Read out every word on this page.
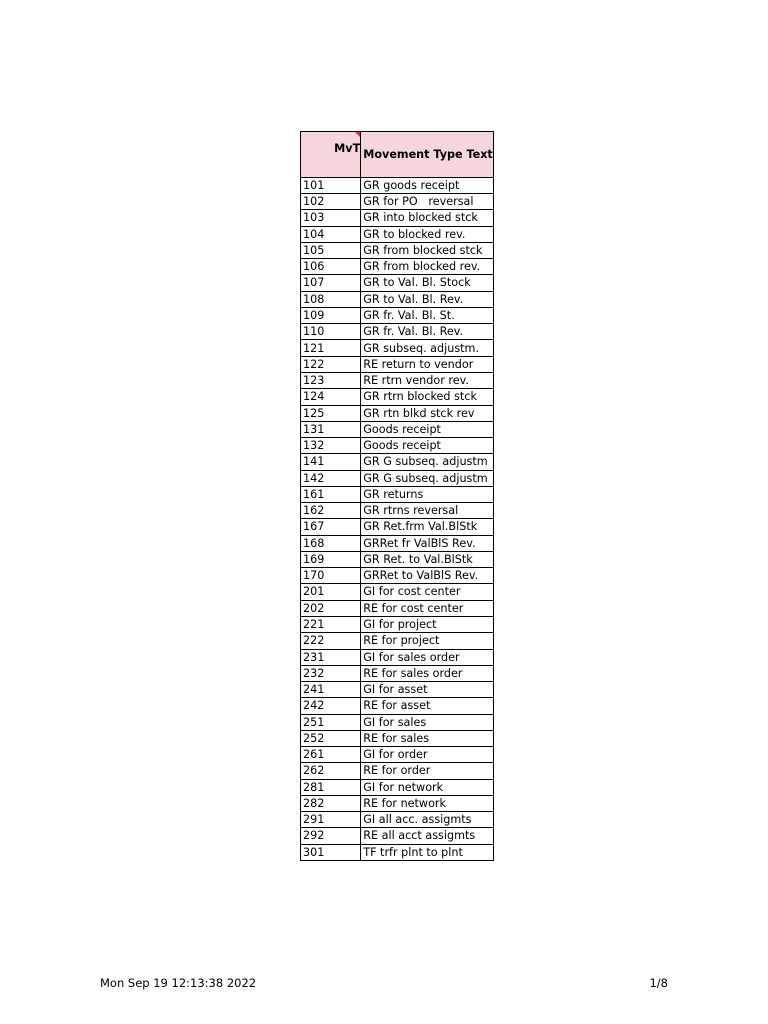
MvT	Movement Type Text
101	GR goods receipt
102	GR for PO   reversal
103	GR into blocked stck
104	GR to blocked rev.
105	GR from blocked stck
106	GR from blocked rev.
107	GR to Val. Bl. Stock
108	GR to Val. Bl. Rev.
109	GR fr. Val. Bl. St.
110	GR fr. Val. Bl. Rev.
121	GR subseq. adjustm.
122	RE return to vendor
123	RE rtrn vendor rev.
124	GR rtrn blocked stck
125	GR rtn blkd stck rev
131	Goods receipt
132	Goods receipt
141	GR G subseq. adjustm
142	GR G subseq. adjustm
161	GR returns
162	GR rtrns reversal
167	GR Ret.frm Val.BlStk
168	GRRet fr ValBlS Rev.
169	GR Ret. to Val.BlStk
170	GRRet to ValBlS Rev.
201	GI for cost center
202	RE for cost center
221	GI for project
222	RE for project
231	GI for sales order
232	RE for sales order
241	GI for asset
242	RE for asset
251	GI for sales
252	RE for sales
261	GI for order
262	RE for order
281	GI for network
282	RE for network
291	GI all acc. assigmts
292	RE all acct assigmts
301	TF trfr plnt to plnt
Mon Sep 19 12:13:38 2022	1/8
